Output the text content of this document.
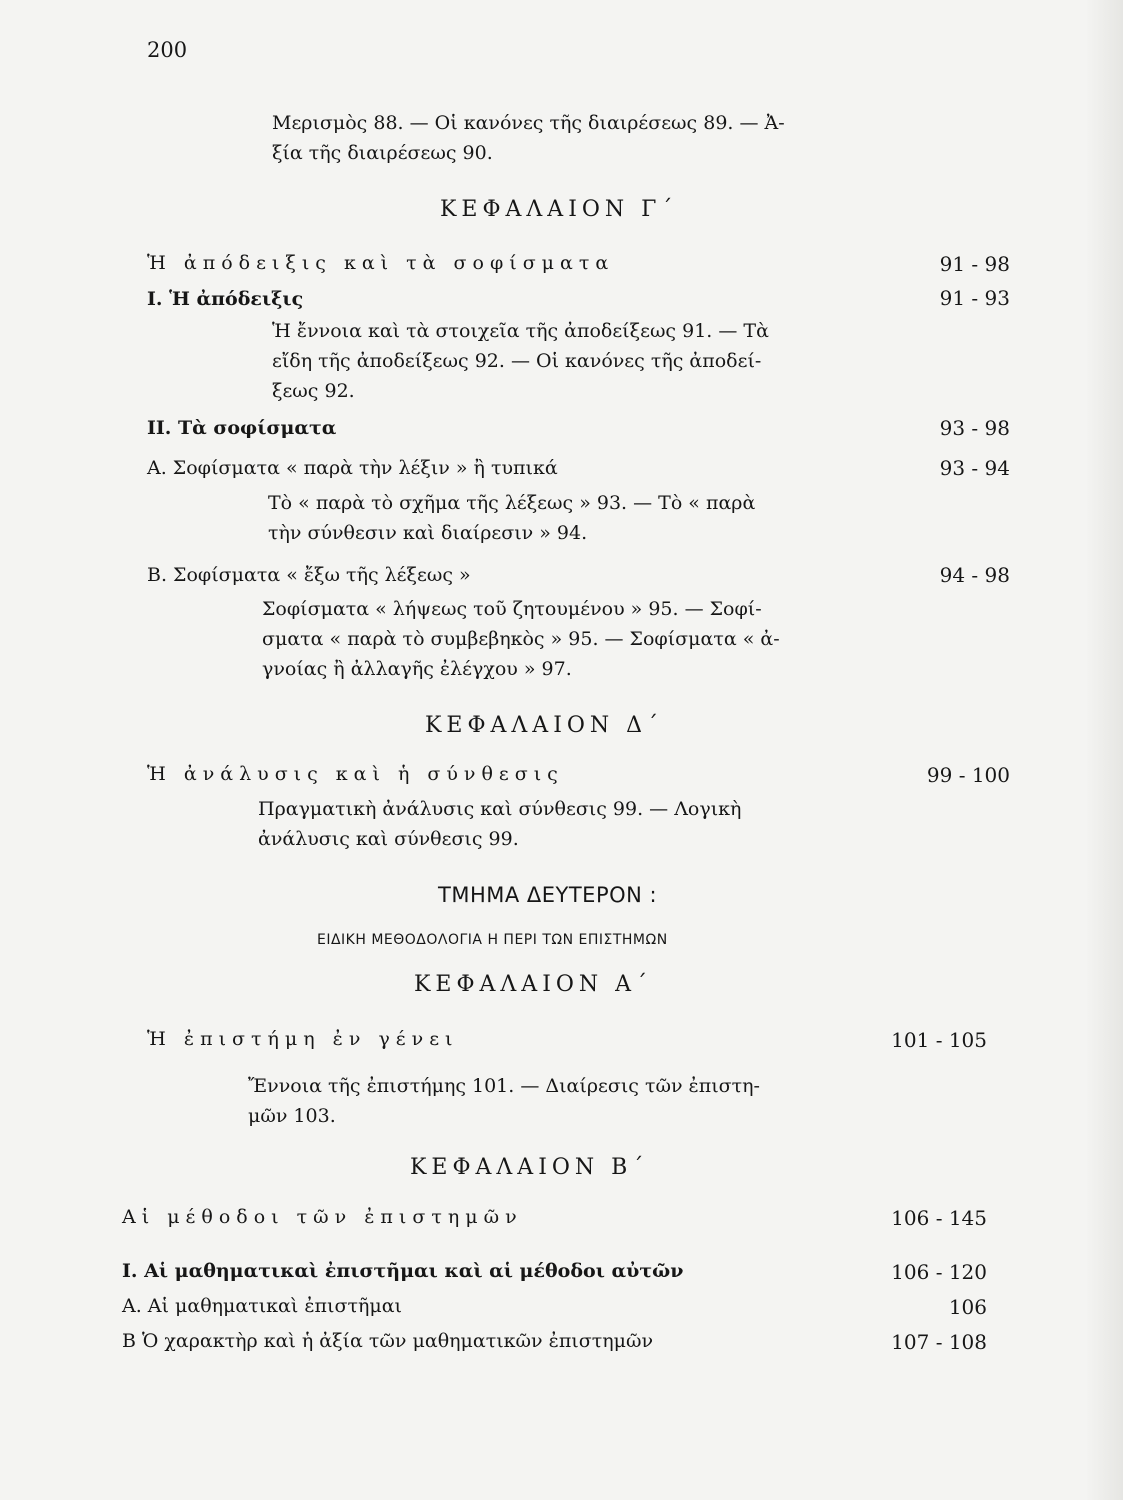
200
Μερισμὸς 88. — Οἱ κανόνες τῆς διαιρέσεως 89. — Ἀ-
ξία τῆς διαιρέσεως 90.
ΚΕΦΑΛΑΙΟΝ Γ΄
Ἡ ἀπόδειξις καὶ τὰ σοφίσματα	91 - 98
Ι. Ἡ ἀπόδειξις	91 - 93
Ἡ ἔννοια καὶ τὰ στοιχεῖα τῆς ἀποδείξεως 91. — Τὰ
εἴδη τῆς ἀποδείξεως 92. — Οἱ κανόνες τῆς ἀποδεί-
ξεως 92.
ΙΙ. Τὰ σοφίσματα	93 - 98
Α. Σοφίσματα « παρὰ τὴν λέξιν » ἢ τυπικά	93 - 94
Τὸ « παρὰ τὸ σχῆμα τῆς λέξεως » 93. — Τὸ « παρὰ
τὴν σύνθεσιν καὶ διαίρεσιν » 94.
Β. Σοφίσματα « ἔξω τῆς λέξεως »	94 - 98
Σοφίσματα « λήψεως τοῦ ζητουμένου » 95. — Σοφί-
σματα « παρὰ τὸ συμβεβηκὸς » 95. — Σοφίσματα « ἀ-
γνοίας ἢ ἀλλαγῆς ἐλέγχου » 97.
ΚΕΦΑΛΑΙΟΝ Δ΄
Ἡ ἀνάλυσις καὶ ἡ σύνθεσις	99 - 100
Πραγματικὴ ἀνάλυσις καὶ σύνθεσις 99. — Λογικὴ
ἀνάλυσις καὶ σύνθεσις 99.
ΤΜΗΜΑ ΔΕΥΤΕΡΟΝ :
ΕΙΔΙΚΗ ΜΕΘΟΔΟΛΟΓΙΑ Η ΠΕΡΙ ΤΩΝ ΕΠΙΣΤΗΜΩΝ
ΚΕΦΑΛΑΙΟΝ Α΄
Ἡ ἐπιστήμη ἐν γένει	101 - 105
Ἔννοια τῆς ἐπιστήμης 101. — Διαίρεσις τῶν ἐπιστη-
μῶν 103.
ΚΕΦΑΛΑΙΟΝ Β΄
Αἱ μέθοδοι τῶν ἐπιστημῶν	106 - 145
Ι. Αἱ μαθηματικαὶ ἐπιστῆμαι καὶ αἱ μέθοδοι αὐτῶν	106 - 120
Α. Αἱ μαθηματικαὶ ἐπιστῆμαι	106
Β Ὁ χαρακτὴρ καὶ ἡ ἀξία τῶν μαθηματικῶν ἐπιστημῶν	107 - 108
